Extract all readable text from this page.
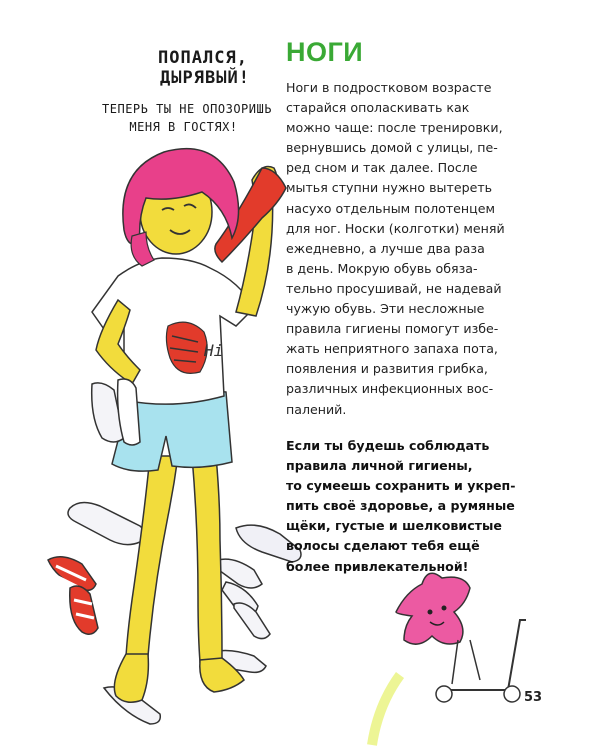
ПОПАЛСЯ,
ДЫРЯВЫЙ!
ТЕПЕРЬ ТЫ НЕ ОПОЗОРИШЬ
МЕНЯ В ГОСТЯХ!
НОГИ
Ноги в подростковом возрасте
старайся ополаскивать как
можно чаще: после тренировки,
вернувшись домой с улицы, пе-
ред сном и так далее. После
мытья ступни нужно вытереть
насухо отдельным полотенцем
для ног. Носки (колготки) меняй
ежедневно, а лучше два раза
в день. Мокрую обувь обяза-
тельно просушивай, не надевай
чужую обувь. Эти несложные
правила гигиены помогут избе-
жать неприятного запаха пота,
появления и развития грибка,
различных инфекционных вос-
палений.
Если ты будешь соблюдать
правила личной гигиены,
то сумеешь сохранить и укреп-
пить своё здоровье, а румяные
щёки, густые и шелковистые
волосы сделают тебя ещё
более привлекательной!
53
Hi
